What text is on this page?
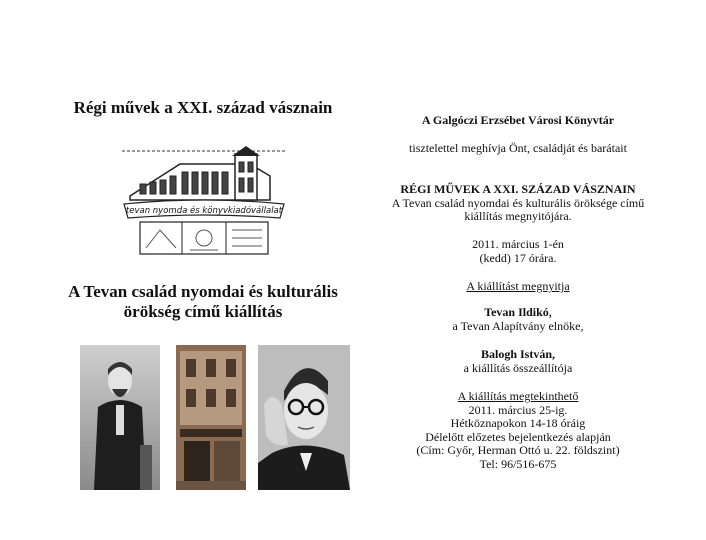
Régi művek a XXI. század vásznain
tevan nyomda és könyvkiadóvállalat
A Tevan család nyomdai és kulturális
örökség című kiállítás
A Galgóczi Erzsébet Városi Könyvtár
tisztelettel meghívja Önt, családját és barátait
RÉGI MŰVEK A XXI. SZÁZAD VÁSZNAIN
A Tevan család nyomdai és kulturális öröksége című
kiállítás megnyitójára.
2011. március 1-én
(kedd) 17 órára.
A kiállítást megnyitja
Tevan Ildikó,
a Tevan Alapítvány elnöke,
Balogh István,
a kiállítás összeállítója
A kiállítás megtekinthető
2011. március 25-ig.
Hétköznapokon 14-18 óráig
Délelőtt előzetes bejelentkezés alapján
(Cím: Győr, Herman Ottó u. 22. földszint)
Tel: 96/516-675
